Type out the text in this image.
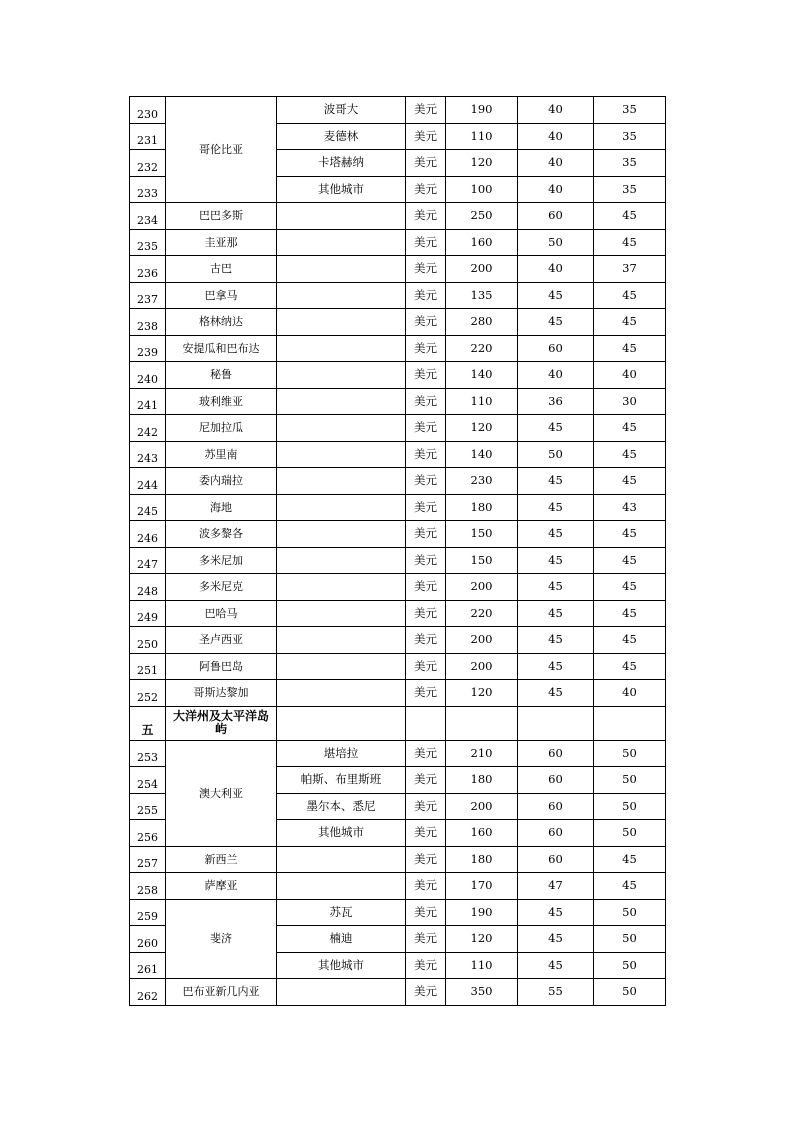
230	哥伦比亚	波哥大	美元	190	40	35
231		麦德林	美元	110	40	35
232		卡塔赫纳	美元	120	40	35
233		其他城市	美元	100	40	35
234	巴巴多斯		美元	250	60	45
235	圭亚那		美元	160	50	45
236	古巴		美元	200	40	37
237	巴拿马		美元	135	45	45
238	格林纳达		美元	280	45	45
239	安提瓜和巴布达		美元	220	60	45
240	秘鲁		美元	140	40	40
241	玻利维亚		美元	110	36	30
242	尼加拉瓜		美元	120	45	45
243	苏里南		美元	140	50	45
244	委内瑞拉		美元	230	45	45
245	海地		美元	180	45	43
246	波多黎各		美元	150	45	45
247	多米尼加		美元	150	45	45
248	多米尼克		美元	200	45	45
249	巴哈马		美元	220	45	45
250	圣卢西亚		美元	200	45	45
251	阿鲁巴岛		美元	200	45	45
252	哥斯达黎加		美元	120	45	40
五	大洋州及太平洋岛屿					
253	澳大利亚	堪培拉	美元	210	60	50
254		帕斯、布里斯班	美元	180	60	50
255		墨尔本、悉尼	美元	200	60	50
256		其他城市	美元	160	60	50
257	新西兰		美元	180	60	45
258	萨摩亚		美元	170	47	45
259	斐济	苏瓦	美元	190	45	50
260		楠迪	美元	120	45	50
261		其他城市	美元	110	45	50
262	巴布亚新几内亚		美元	350	55	50
